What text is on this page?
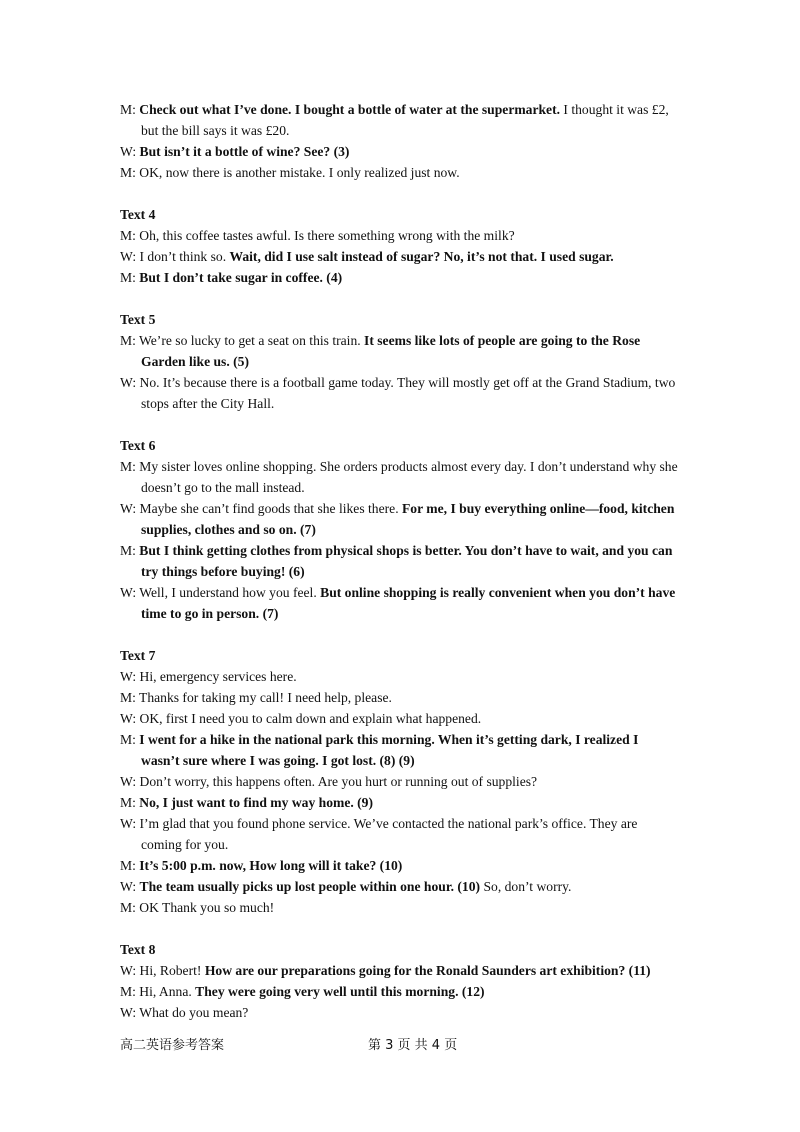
M: Check out what I’ve done. I bought a bottle of water at the supermarket. I thought it was £2, but the bill says it was £20.

W: But isn’t it a bottle of wine? See? (3)

M: OK, now there is another mistake. I only realized just now.

Text 4

M: Oh, this coffee tastes awful. Is there something wrong with the milk?

W: I don’t think so. Wait, did I use salt instead of sugar? No, it’s not that. I used sugar.

M: But I don’t take sugar in coffee. (4)

Text 5

M: We’re so lucky to get a seat on this train. It seems like lots of people are going to the Rose Garden like us. (5)

W: No. It’s because there is a football game today. They will mostly get off at the Grand Stadium, two stops after the City Hall.

Text 6

M: My sister loves online shopping. She orders products almost every day. I don’t understand why she doesn’t go to the mall instead.

W: Maybe she can’t find goods that she likes there. For me, I buy everything online—food, kitchen supplies, clothes and so on. (7)

M: But I think getting clothes from physical shops is better. You don’t have to wait, and you can try things before buying! (6)

W: Well, I understand how you feel. But online shopping is really convenient when you don’t have time to go in person. (7)

Text 7

W: Hi, emergency services here.

M: Thanks for taking my call! I need help, please.

W: OK, first I need you to calm down and explain what happened.

M: I went for a hike in the national park this morning. When it’s getting dark, I realized I wasn’t sure where I was going. I got lost. (8) (9)

W: Don’t worry, this happens often. Are you hurt or running out of supplies?

M: No, I just want to find my way home. (9)

W: I’m glad that you found phone service. We’ve contacted the national park’s office. They are coming for you.

M: It’s 5:00 p.m. now, How long will it take? (10)

W: The team usually picks up lost people within one hour. (10) So, don’t worry.

M: OK Thank you so much!

Text 8

W: Hi, Robert! How are our preparations going for the Ronald Saunders art exhibition? (11)

M: Hi, Anna. They were going very well until this morning. (12)

W: What do you mean?

高二英语参考答案	第 3 页 共 4 页
